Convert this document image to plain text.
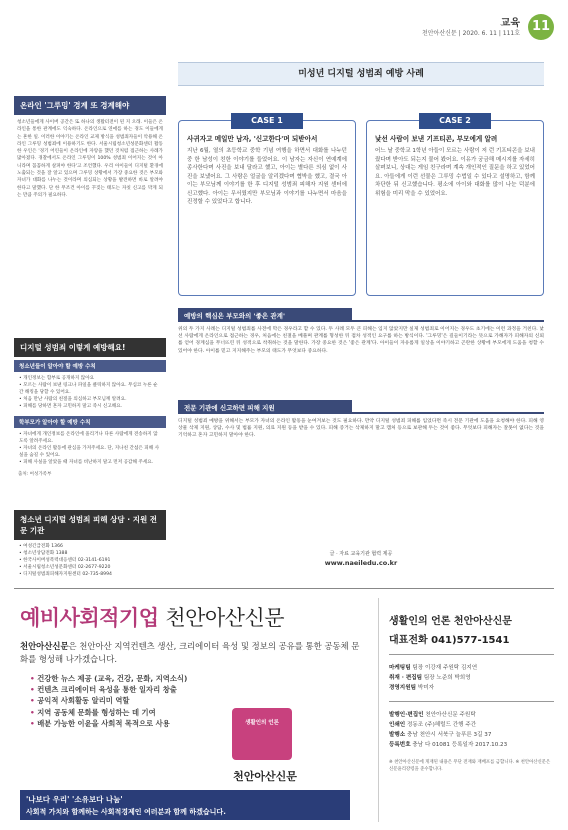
교육
천안아산신문 | 2020. 6. 11 | 111호 11
미성년 디지털 성범죄 예방 사례
온라인 '그루밍' 경계 또 경계해야
청소년들에게 사이버 공간은 또 하나의 생활터전이 된 지 오래. 이들은 온라인을 통한 관계에도 익숙하다. 온라인으로 연애를 하는 경도 이들에게는 흔한 일. 이러한 이야기는 온라인 교제 방식을 성범죄자들이 악용해 온라인 그루밍 성범죄에 이용하기도 한다. 서울시립청소년성문화센터 활동한 우인은 '경기 어린들이 온라인에 자랑을 했던 것처럼 접근하는 사례가 많아졌다. 경찰에서도 온라인 그루밍이 100% 성범죄 이어지는 것이 아니라며 꼼꼼하게 살펴야 한다'고 조언했다. 우리 아이들이 디지털 환경에 노출되는 것을 잘 알고 있으며 그루밍 상황에서 가장 중요한 것은 부모와 자녀가 대화를 나누는 것이라며 의심되는 상황을 발견하면 바로 알려야 한다고 말했다. 단 한 무조건 아이를 꾸짖는 태도는 자칫 신고를 막게 되는 만큼 주의가 필요하다.
디지털 성범죄 이렇게 예방해요!
청소년들이 알아야 할 예방 수칙
• 개인정보는 함부로 공개하지 않아요
• 모르는 사람이 보낸 링크나 파일을 클릭하지 않아요. 무심코 누른 순간 해킹을 당할 수 있어요.
• 처음 만난 사람의 친절을 의심하고 부모님께 알려요.
• 피해를 당하면 혼자 고민하지 말고 즉시 신고해요.
학부모가 알아야 할 예방 수칙
• 자녀에게 개인정보를 온라인에 올리거나 다른 사람에게 전송하지 않도록 알려주세요.
• 자녀의 온라인 활동에 관심을 가져주세요. 단, 지나친 간섭은 피해 사실을 숨길 수 있어요.
• 피해 사실을 알았을 때 자녀를 비난하지 말고 먼저 공감해 주세요.
출처: 여성가족부
청소년 디지털 성범죄 피해 상담 · 지원 전문 기관
• 여성긴급전화 1366
• 청소년상담전화 1388
• 한국사이버성폭력대응센터 02-3141-6191
• 서울시립청소년성문화센터 02-2677-9220
• 디지털성범죄피해자지원센터 02-735-8994
CASE 1
사귀자고 메일만 남자, '신고한다'며 되받아서
지난 6월, 열의 초등학교 중학 기념 여행을 하면서 대화를 나누던 중 한 남성이 친한 이야기를 들었어요. 이 남자는 자신이 연예계에 종사한다며 사진을 보내 달라고 했고, 아이는 별다른 의심 없이 사진을 보냈어요. 그 사람은 얼굴을 알리겠다며 협박을 했고, 결국 아이는 부모님께 이야기를 한 후 디지털 성범죄 피해자 지원 센터에 신고했다. 아이는 무서웠지만 부모님과 이야기를 나누면서 마음을 진정할 수 있었다고 합니다.
CASE 2
낯선 사람이 보낸 기프티콘, 부모에게 알려
어느 날 중학교 1학년 아들이 모르는 사람이 저 런 기프티콘을 보내줬다며 받아도 되는지 물어 봤어요. 이유가 궁금해 메시지를 자세히 살펴보니, 상대는 게임 친구라며 계속 개인적인 질문을 하고 있었어요. 아들에게 이런 선물은 그루밍 수법일 수 있다고 설명하고, 함께 차단한 뒤 신고했습니다. 평소에 아이와 대화를 많이 나눈 덕분에 위험을 미리 막을 수 있었어요.
예방의 핵심은 부모와의 '좋은 관계'
위의 두 가지 사례는 디지털 성범죄를 사전에 막은 경우라고 할 수 있다. 두 사례 모두 큰 피해는 입지 않았지만 실제 성범죄로 이어지는 경우도 초기에는 이런 과정을 거친다. 낯선 사람에게 온라인으로 접근하는 경우, 처음에는 친절을 베풀며 관계를 형성한 뒤 점차 성적인 요구를 하는 방식이다. '그루밍'은 길들이기라는 뜻으로 가해자가 피해자의 신뢰를 얻어 경계심을 무너뜨린 뒤 성적으로 착취하는 것을 말한다. 가장 중요한 것은 '좋은 관계'다. 아이들이 자유롭게 일상을 이야기하고 곤란한 상황에 부모에게 도움을 청할 수 있어야 한다. 아이를 믿고 지지해주는 부모의 태도가 무엇보다 중요하다.
전문 기관에 신고하면 피해 지원
디지털 성범죄 예방을 위해서는 부모가 자녀의 온라인 활동을 눈여겨보는 것도 필요하다. 만약 디지털 성범죄 피해를 입었다면 즉시 전문 기관에 도움을 요청해야 한다. 피해 영상물 삭제 지원, 상담, 수사 및 법률 지원, 의료 지원 등을 받을 수 있다. 피해 증거는 삭제하지 말고 캡처 등으로 보관해 두는 것이 좋다. 무엇보다 피해자는 잘못이 없다는 것을 기억하고 혼자 고민하지 말아야 한다.
글 · 자료 교육기관 협력 제공
www.naeiledu.co.kr
예비사회적기업 천안아산신문
천안아산신문은 천안아산 지역컨텐츠 생산, 크리에이터 육성 및 정보의 공유를 통한 공동체 문화를 형성해 나가겠습니다.
• 건강한 뉴스 제공 (교육, 건강, 문화, 지역소식)
• 컨텐츠 크리에이터 육성을 통한 일자리 창출
• 공익적 사회활동 알리미 역할
• 지역 공동체 문화를 형성하는 데 기여
• 배분 가능한 이윤을 사회적 목적으로 사용	생활인의 언론
천안아산신문
'나보다 우리' '소유보다 나눔'
사회적 가치와 함께하는 사회적경제인 여러분과 함께 하겠습니다.
생활인의 언론 천안아산신문
대표전화 041)577-1541
마케팅팀 팀장 이강재 주원탁 김지연
취재 · 편집팀 팀장 노준희 박희영
경영지원팀 박미자
발행인·편집인 천안아산신문 주원탁
인쇄인 정동조 (주)헤럴드 간행 주간
발행소 충남 천안시 서북구 늘푸른 3길 37
등록번호 충남 다 01081 등록일자 2017.10.23
※ 천안아산신문에 게재된 내용은 무단 전재와 재배포를 금합니다. ※ 천안아산신문은 신문윤리강령을 준수합니다.
